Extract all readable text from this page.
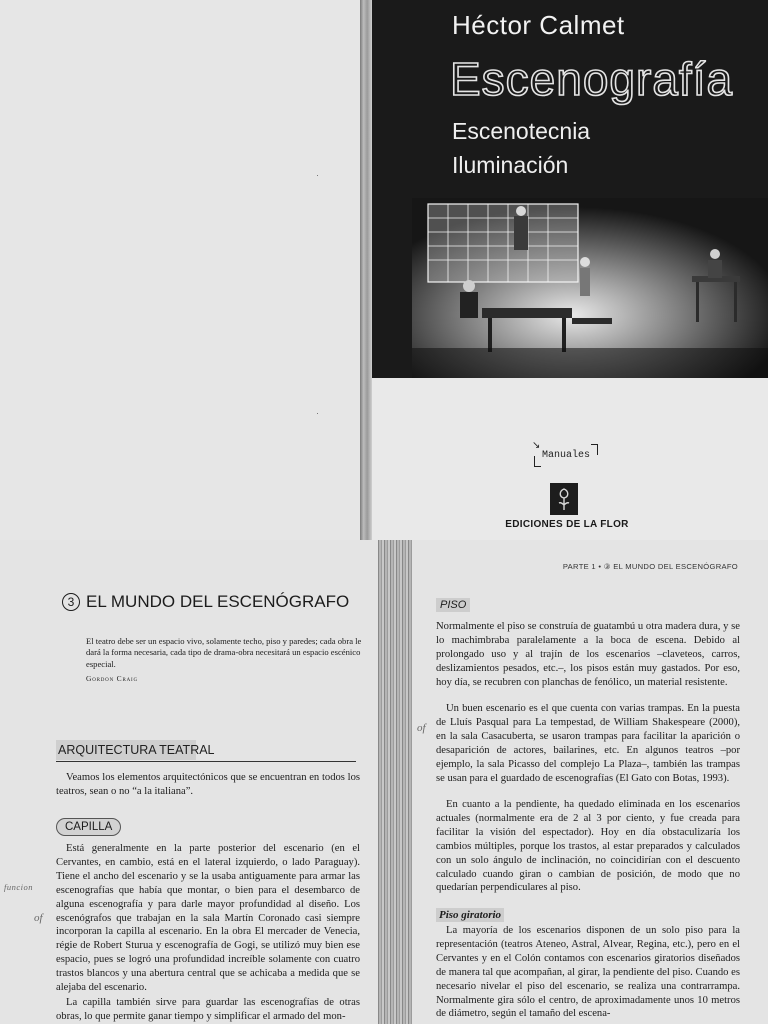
·
·
Héctor Calmet
Escenografía
Escenotecnia
Iluminación
↘
Manuales
EDICIONES DE LA FLOR
3 EL MUNDO DEL ESCENÓGRAFO
El teatro debe ser un espacio vivo, solamente techo, piso y paredes; cada obra le dará la forma necesaria, cada tipo de drama-obra necesitará un espacio escénico especial.
Gordon Craig
ARQUITECTURA TEATRAL
Veamos los elementos arquitectónicos que se encuentran en todos los teatros, sean o no “a la italiana”.
CAPILLA
Está generalmente en la parte posterior del escenario (en el Cervantes, en cambio, está en el lateral izquierdo, o lado Paraguay). Tiene el ancho del escenario y se la usaba antiguamente para armar las escenografías que había que montar, o bien para el desembarco de alguna escenografía y para darle mayor profundidad al diseño. Los escenógrafos que trabajan en la sala Martín Coronado casi siempre incorporan la capilla al escenario. En la obra El mercader de Venecia, régie de Robert Sturua y escenografía de Gogi, se utilizó muy bien ese espacio, pues se logró una profundidad increíble solamente con cuatro trastos blancos y una abertura central que se achicaba a medida que se alejaba del escenario.
La capilla también sirve para guardar las escenografías de otras obras, lo que permite ganar tiempo y simplificar el armado del mon-
funcion
of
PARTE 1 • ③ EL MUNDO DEL ESCENÓGRAFO
PISO
Normalmente el piso se construía de guatambú u otra madera dura, y se lo machimbraba paralelamente a la boca de escena. Debido al prolongado uso y al trajín de los escenarios –claveteos, carros, deslizamientos pesados, etc.–, los pisos están muy gastados. Por eso, hoy día, se recubren con planchas de fenólico, un material resistente.
Un buen escenario es el que cuenta con varias trampas. En la puesta de Lluís Pasqual para La tempestad, de William Shakespeare (2000), en la sala Casacuberta, se usaron trampas para facilitar la aparición o desaparición de actores, bailarines, etc. En algunos teatros –por ejemplo, la sala Picasso del complejo La Plaza–, también las trampas se usan para el guardado de escenografías (El Gato con Botas, 1993).
En cuanto a la pendiente, ha quedado eliminada en los escenarios actuales (normalmente era de 2 al 3 por ciento, y fue creada para facilitar la visión del espectador). Hoy en día obstaculizaría los cambios múltiples, porque los trastos, al estar preparados y calculados con un solo ángulo de inclinación, no coincidirían con el descuento calculado cuando giran o cambian de posición, de modo que no quedarían perpendiculares al piso.
Piso giratorio
La mayoría de los escenarios disponen de un solo piso para la representación (teatros Ateneo, Astral, Alvear, Regina, etc.), pero en el Cervantes y en el Colón contamos con escenarios giratorios diseñados de manera tal que acompañan, al girar, la pendiente del piso. Cuando es necesario nivelar el piso del escenario, se realiza una contrarrampa. Normalmente gira sólo el centro, de aproximadamente unos 10 metros de diámetro, según el tamaño del escena-
of
